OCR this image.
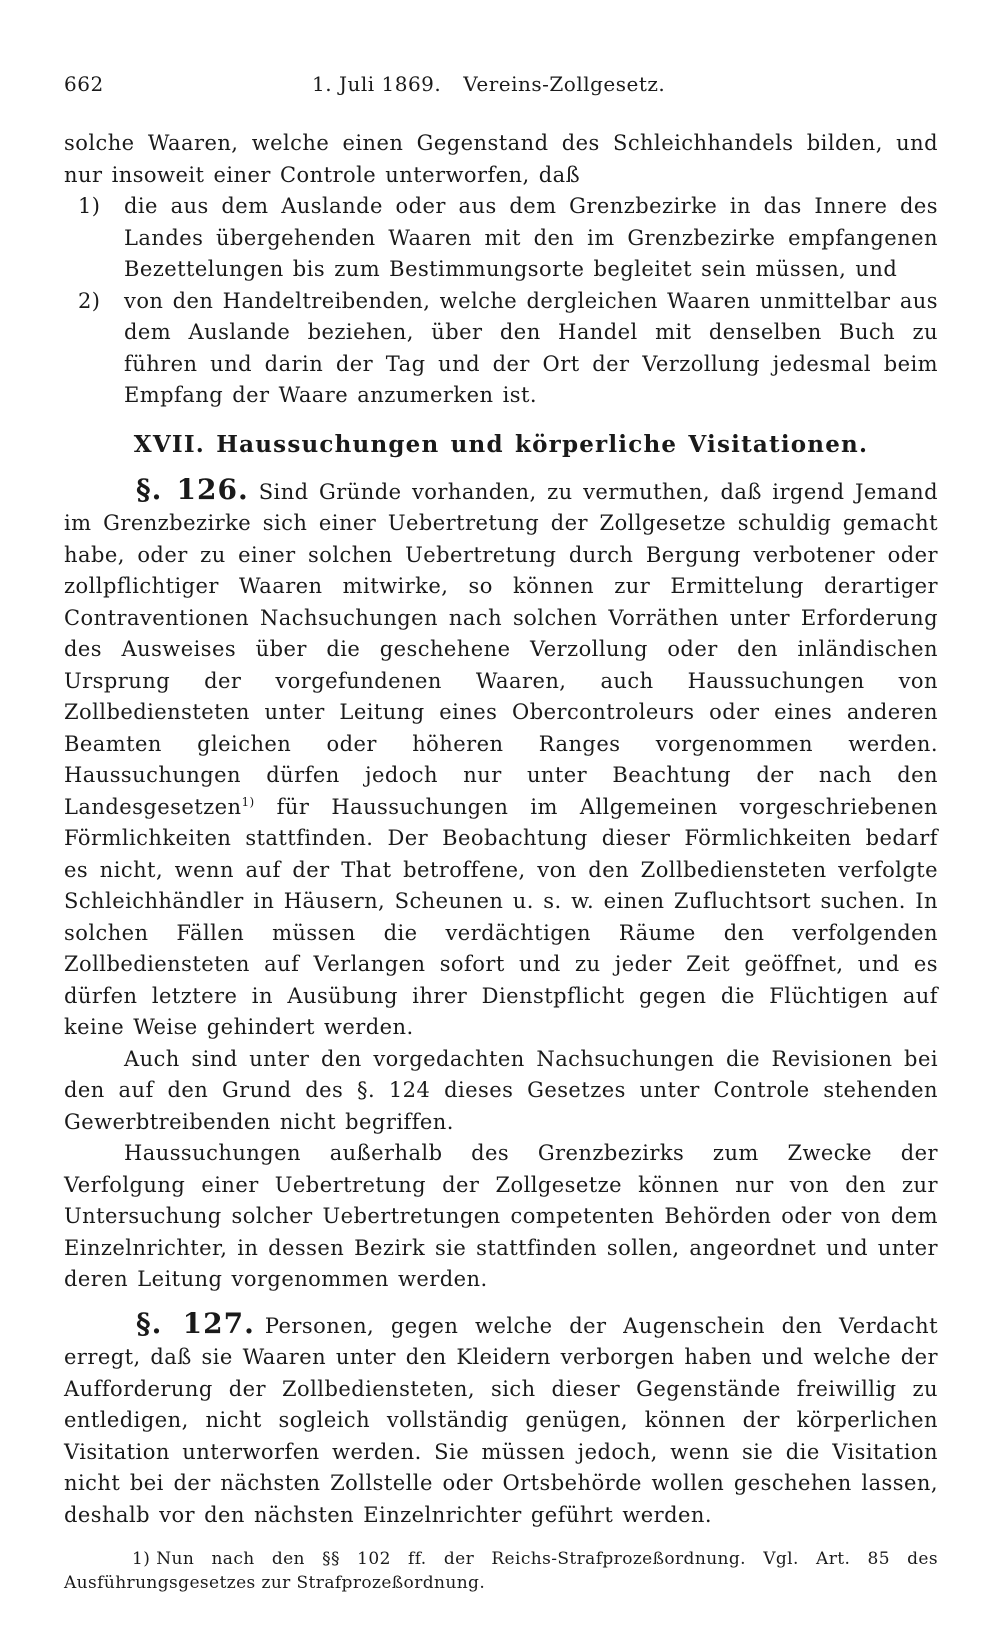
662	1. Juli 1869. Vereins-Zollgesetz.

solche Waaren, welche einen Gegenstand des Schleichhandels bilden, und nur insoweit einer Controle unterworfen, daß

1)	die aus dem Auslande oder aus dem Grenzbezirke in das Innere des Landes übergehenden Waaren mit den im Grenzbezirke empfangenen Bezettelungen bis zum Bestimmungsorte begleitet sein müssen, und
2)	von den Handeltreibenden, welche dergleichen Waaren unmittelbar aus dem Auslande beziehen, über den Handel mit denselben Buch zu führen und darin der Tag und der Ort der Verzollung jedesmal beim Empfang der Waare anzumerken ist.
XVII. Haussuchungen und körperliche Visitationen.

§. 126. Sind Gründe vorhanden, zu vermuthen, daß irgend Jemand im Grenzbezirke sich einer Uebertretung der Zollgesetze schuldig gemacht habe, oder zu einer solchen Uebertretung durch Bergung verbotener oder zollpflichtiger Waaren mitwirke, so können zur Ermittelung derartiger Contraventionen Nachsuchungen nach solchen Vorräthen unter Erforderung des Ausweises über die geschehene Verzollung oder den inländischen Ursprung der vorgefundenen Waaren, auch Haussuchungen von Zollbediensteten unter Leitung eines Obercontroleurs oder eines anderen Beamten gleichen oder höheren Ranges vorgenommen werden. Haussuchungen dürfen jedoch nur unter Beachtung der nach den Landesgesetzen$^{1)}$ für Haussuchungen im Allgemeinen vorgeschriebenen Förmlichkeiten stattfinden. Der Beobachtung dieser Förmlichkeiten bedarf es nicht, wenn auf der That betroffene, von den Zollbediensteten verfolgte Schleichhändler in Häusern, Scheunen u. s. w. einen Zufluchtsort suchen. In solchen Fällen müssen die verdächtigen Räume den verfolgenden Zollbediensteten auf Verlangen sofort und zu jeder Zeit geöffnet, und es dürfen letztere in Ausübung ihrer Dienstpflicht gegen die Flüchtigen auf keine Weise gehindert werden.

Auch sind unter den vorgedachten Nachsuchungen die Revisionen bei den auf den Grund des §. 124 dieses Gesetzes unter Controle stehenden Gewerbtreibenden nicht begriffen.

Haussuchungen außerhalb des Grenzbezirks zum Zwecke der Verfolgung einer Uebertretung der Zollgesetze können nur von den zur Untersuchung solcher Uebertretungen competenten Behörden oder von dem Einzelnrichter, in dessen Bezirk sie stattfinden sollen, angeordnet und unter deren Leitung vorgenommen werden.

§. 127. Personen, gegen welche der Augenschein den Verdacht erregt, daß sie Waaren unter den Kleidern verborgen haben und welche der Aufforderung der Zollbediensteten, sich dieser Gegenstände freiwillig zu entledigen, nicht sogleich vollständig genügen, können der körperlichen Visitation unterworfen werden. Sie müssen jedoch, wenn sie die Visitation nicht bei der nächsten Zollstelle oder Ortsbehörde wollen geschehen lassen, deshalb vor den nächsten Einzelnrichter geführt werden.

1) Nun nach den §§ 102 ff. der Reichs-Strafprozeßordnung. Vgl. Art. 85 des Ausführungsgesetzes zur Strafprozeßordnung.
